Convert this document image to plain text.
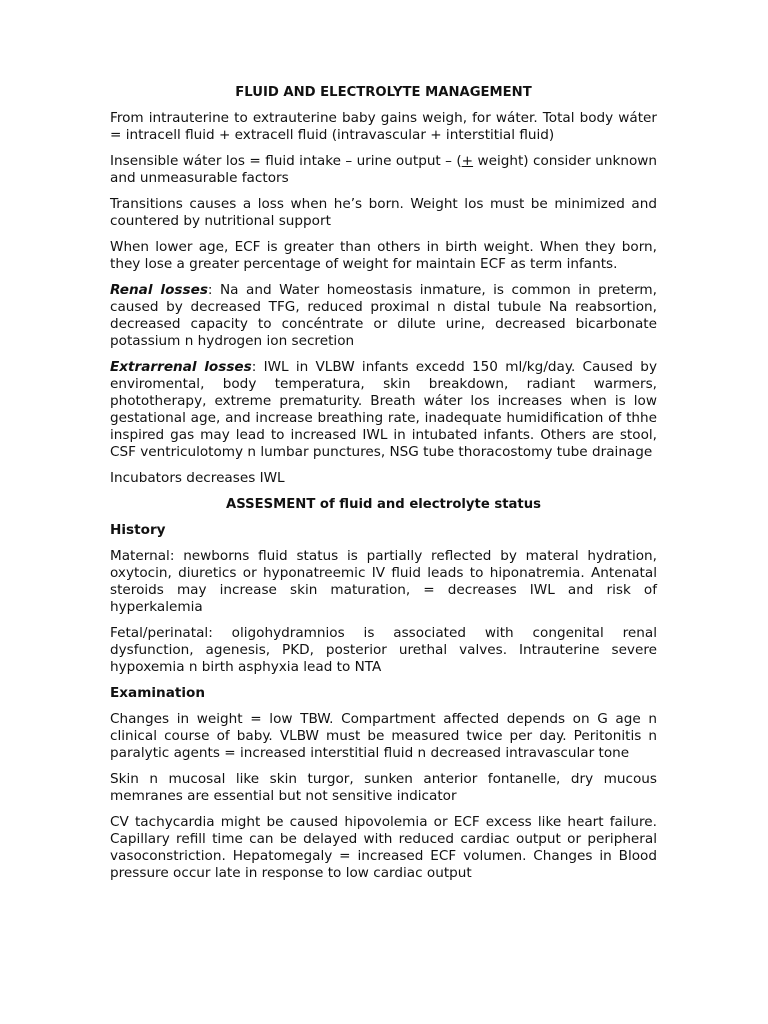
FLUID AND ELECTROLYTE MANAGEMENT

From intrauterine to extrauterine baby gains weigh, for wáter. Total body wáter = intracell fluid + extracell fluid (intravascular + interstitial fluid)

Insensible wáter los = fluid intake – urine output – (+ weight) consider unknown and unmeasurable factors

Transitions causes a loss when he’s born. Weight los must be minimized and countered by nutritional support

When lower age, ECF is greater than others in birth weight. When they born, they lose a greater percentage of weight for maintain ECF as term infants.

Renal losses: Na and Water homeostasis inmature, is common in preterm, caused by decreased TFG, reduced proximal n distal tubule Na reabsortion, decreased capacity to concéntrate or dilute urine, decreased bicarbonate potassium n hydrogen ion secretion

Extrarrenal losses: IWL in VLBW infants excedd 150 ml/kg/day. Caused by enviromental, body temperatura, skin breakdown, radiant warmers, phototherapy, extreme prematurity. Breath wáter los increases when is low gestational age, and increase breathing rate, inadequate humidification of thhe inspired gas may lead to increased IWL in intubated infants. Others are stool, CSF ventriculotomy n lumbar punctures, NSG tube thoracostomy tube drainage

Incubators decreases IWL

ASSESMENT of fluid and electrolyte status
History

Maternal: newborns fluid status is partially reflected by materal hydration, oxytocin, diuretics or hyponatreemic IV fluid leads to hiponatremia. Antenatal steroids may increase skin maturation, = decreases IWL and risk of hyperkalemia

Fetal/perinatal: oligohydramnios is associated with congenital renal dysfunction, agenesis, PKD, posterior urethal valves. Intrauterine severe hypoxemia n birth asphyxia lead to NTA

Examination

Changes in weight = low TBW. Compartment affected depends on G age n clinical course of baby. VLBW must be measured twice per day. Peritonitis n paralytic agents = increased interstitial fluid n decreased intravascular tone

Skin n mucosal like skin turgor, sunken anterior fontanelle, dry mucous memranes are essential but not sensitive indicator

CV tachycardia might be caused hipovolemia or ECF excess like heart failure. Capillary refill time can be delayed with reduced cardiac output or peripheral vasoconstriction. Hepatomegaly = increased ECF volumen. Changes in Blood pressure occur late in response to low cardiac output
